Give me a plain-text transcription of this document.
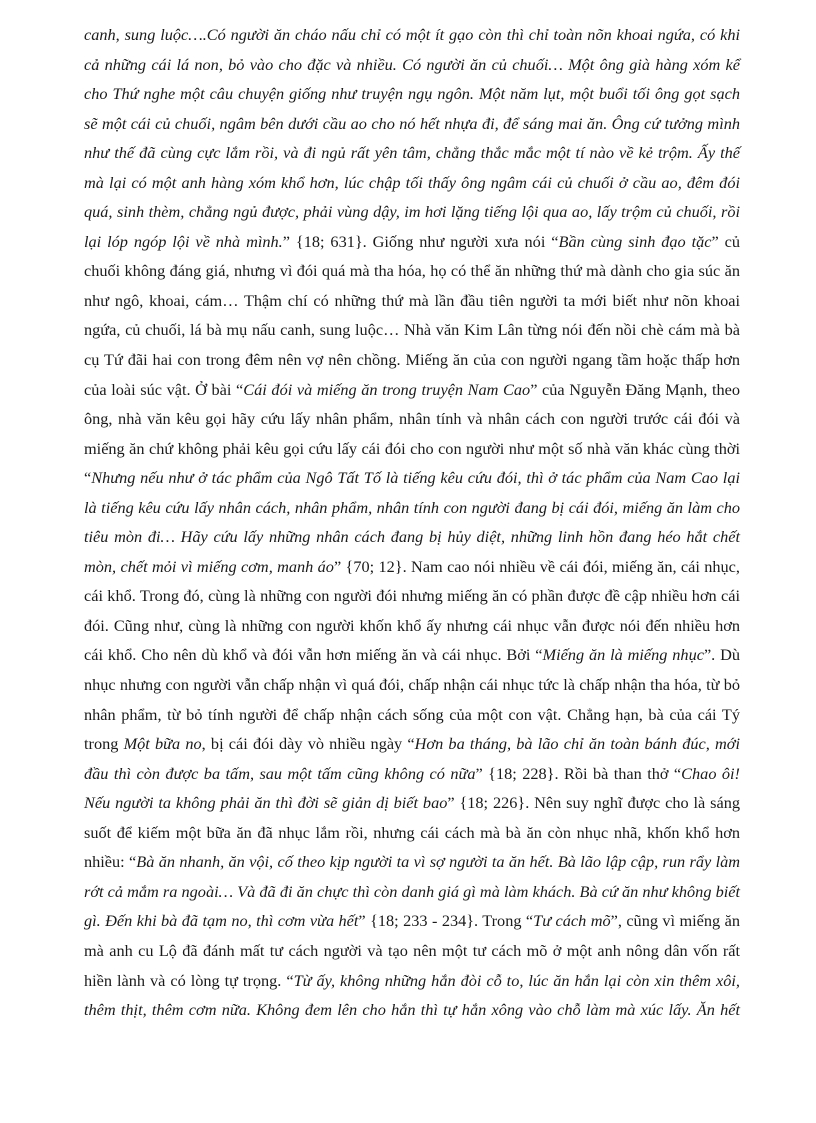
canh, sung luộc….Có người ăn cháo nấu chỉ có một ít gạo còn thì chỉ toàn nõn khoai ngứa, có khi
cả những cái lá non, bỏ vào cho đặc và nhiều. Có người ăn củ chuối… Một ông già hàng xóm kể
cho Thứ nghe một câu chuyện giống như truyện ngụ ngôn. Một năm lụt, một buổi tối ông gọt sạch
sẽ một cái củ chuối, ngâm bên dưới cầu ao cho nó hết nhựa đi, để sáng mai ăn. Ông cứ tưởng mình
như thế đã cùng cực lắm rồi, và đi ngủ rất yên tâm, chẳng thắc mắc một tí nào về kẻ trộm. Ấy thế
mà lại có một anh hàng xóm khổ hơn, lúc chập tối thấy ông ngâm cái củ chuối ở cầu ao, đêm đói
quá, sinh thèm, chẳng ngủ được, phải vùng dậy, im hơi lặng tiếng lội qua ao, lấy trộm củ chuối, rồi
lại lóp ngóp lội về nhà mình.” {18; 631}. Giống như người xưa nói “Bần cùng sinh đạo tặc” củ
chuối không đáng giá, nhưng vì đói quá mà tha hóa, họ có thể ăn những thứ mà dành cho gia súc ăn
như ngô, khoai, cám… Thậm chí có những thứ mà lần đầu tiên người ta mới biết như nõn khoai
ngứa, củ chuối, lá bà mụ nấu canh, sung luộc… Nhà văn Kim Lân từng nói đến nồi chè cám mà bà
cụ Tứ đãi hai con trong đêm nên vợ nên chồng. Miếng ăn của con người ngang tầm hoặc thấp hơn
của loài súc vật. Ở bài “Cái đói và miếng ăn trong truyện Nam Cao” của Nguyễn Đăng Mạnh, theo
ông, nhà văn kêu gọi hãy cứu lấy nhân phẩm, nhân tính và nhân cách con người trước cái đói và
miếng ăn chứ không phải kêu gọi cứu lấy cái đói cho con người như một số nhà văn khác cùng thời
“Nhưng nếu như ở tác phẩm của Ngô Tất Tố là tiếng kêu cứu đói, thì ở tác phẩm của Nam Cao lại
là tiếng kêu cứu lấy nhân cách, nhân phẩm, nhân tính con người đang bị cái đói, miếng ăn làm cho
tiêu mòn đi… Hãy cứu lấy những nhân cách đang bị hủy diệt, những linh hồn đang héo hắt chết
mòn, chết mỏi vì miếng cơm, manh áo” {70; 12}. Nam cao nói nhiều về cái đói, miếng ăn, cái nhục,
cái khổ. Trong đó, cùng là những con người đói nhưng miếng ăn có phần được đề cập nhiều hơn cái
đói. Cũng như, cùng là những con người khốn khổ ấy nhưng cái nhục vẫn được nói đến nhiều hơn
cái khổ. Cho nên dù khổ và đói vẫn hơn miếng ăn và cái nhục. Bởi “Miếng ăn là miếng nhục”. Dù
nhục nhưng con người vẫn chấp nhận vì quá đói, chấp nhận cái nhục tức là chấp nhận tha hóa, từ bỏ
nhân phẩm, từ bỏ tính người để chấp nhận cách sống của một con vật. Chẳng hạn, bà của cái Tý
trong Một bữa no, bị cái đói dày vò nhiều ngày “Hơn ba tháng, bà lão chỉ ăn toàn bánh đúc, mới
đầu thì còn được ba tấm, sau một tấm cũng không có nữa” {18; 228}. Rồi bà than thở “Chao ôi!
Nếu người ta không phải ăn thì đời sẽ giản dị biết bao” {18; 226}. Nên suy nghĩ được cho là sáng
suốt để kiếm một bữa ăn đã nhục lắm rồi, nhưng cái cách mà bà ăn còn nhục nhã, khốn khổ hơn
nhiều: “Bà ăn nhanh, ăn vội, cố theo kịp người ta vì sợ người ta ăn hết. Bà lão lập cập, run rẩy làm
rớt cả mắm ra ngoài… Và đã đi ăn chực thì còn danh giá gì mà làm khách. Bà cứ ăn như không biết
gì. Đến khi bà đã tạm no, thì cơm vừa hết” {18; 233 - 234}. Trong “Tư cách mõ”, cũng vì miếng ăn
mà anh cu Lộ đã đánh mất tư cách người và tạo nên một tư cách mõ ở một anh nông dân vốn rất
hiền lành và có lòng tự trọng. “Từ ấy, không những hắn đòi cỗ to, lúc ăn hắn lại còn xin thêm xôi,
thêm thịt, thêm cơm nữa. Không đem lên cho hắn thì tự hắn xông vào chỗ làm mà xúc lấy. Ăn hết
